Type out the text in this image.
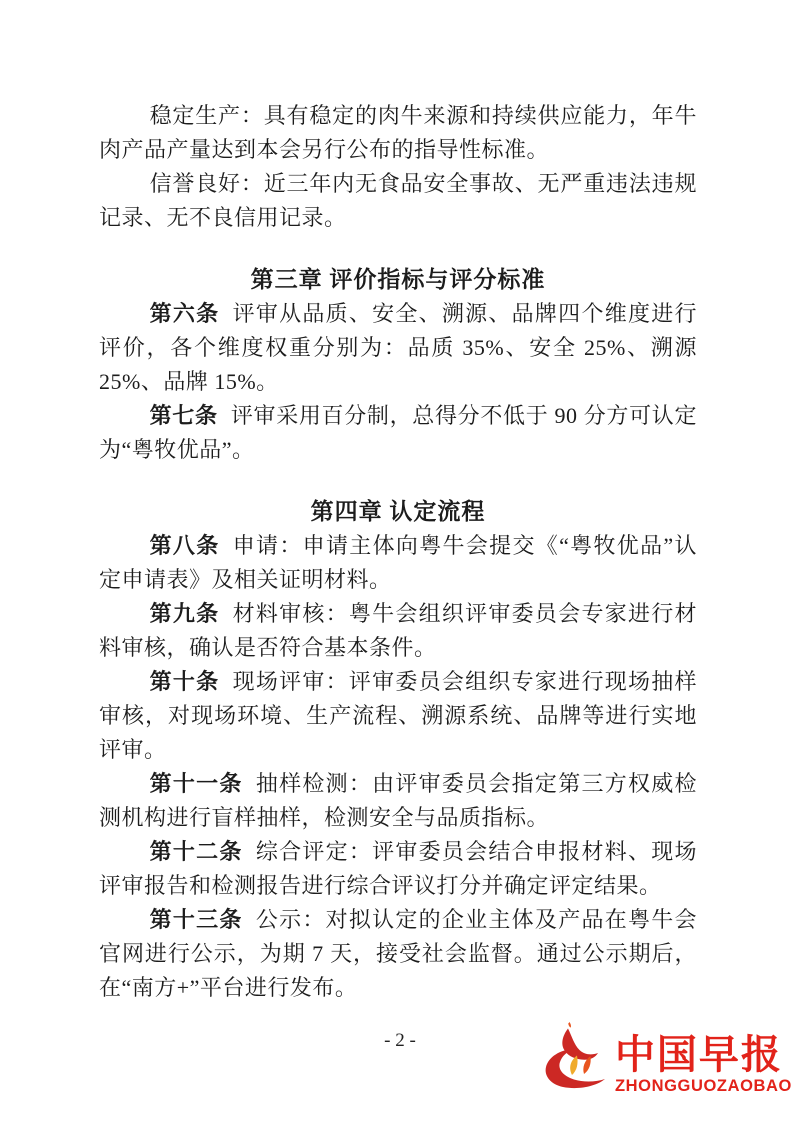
稳定生产：具有稳定的肉牛来源和持续供应能力，年牛肉产品产量达到本会另行公布的指导性标准。

信誉良好：近三年内无食品安全事故、无严重违法违规记录、无不良信用记录。

第三章 评价指标与评分标准

第六条 评审从品质、安全、溯源、品牌四个维度进行评价，各个维度权重分别为：品质 35%、安全 25%、溯源 25%、品牌 15%。

第七条 评审采用百分制，总得分不低于 90 分方可认定为“粤牧优品”。

第四章 认定流程

第八条 申请：申请主体向粤牛会提交《“粤牧优品”认定申请表》及相关证明材料。

第九条 材料审核：粤牛会组织评审委员会专家进行材料审核，确认是否符合基本条件。

第十条 现场评审：评审委员会组织专家进行现场抽样审核，对现场环境、生产流程、溯源系统、品牌等进行实地评审。

第十一条 抽样检测：由评审委员会指定第三方权威检测机构进行盲样抽样，检测安全与品质指标。

第十二条 综合评定：评审委员会结合申报材料、现场评审报告和检测报告进行综合评议打分并确定评定结果。

第十三条 公示：对拟认定的企业主体及产品在粤牛会官网进行公示，为期 7 天，接受社会监督。通过公示期后，在“南方+”平台进行发布。

- 2 -	中国早报
ZHONGGUOZAOBAO
